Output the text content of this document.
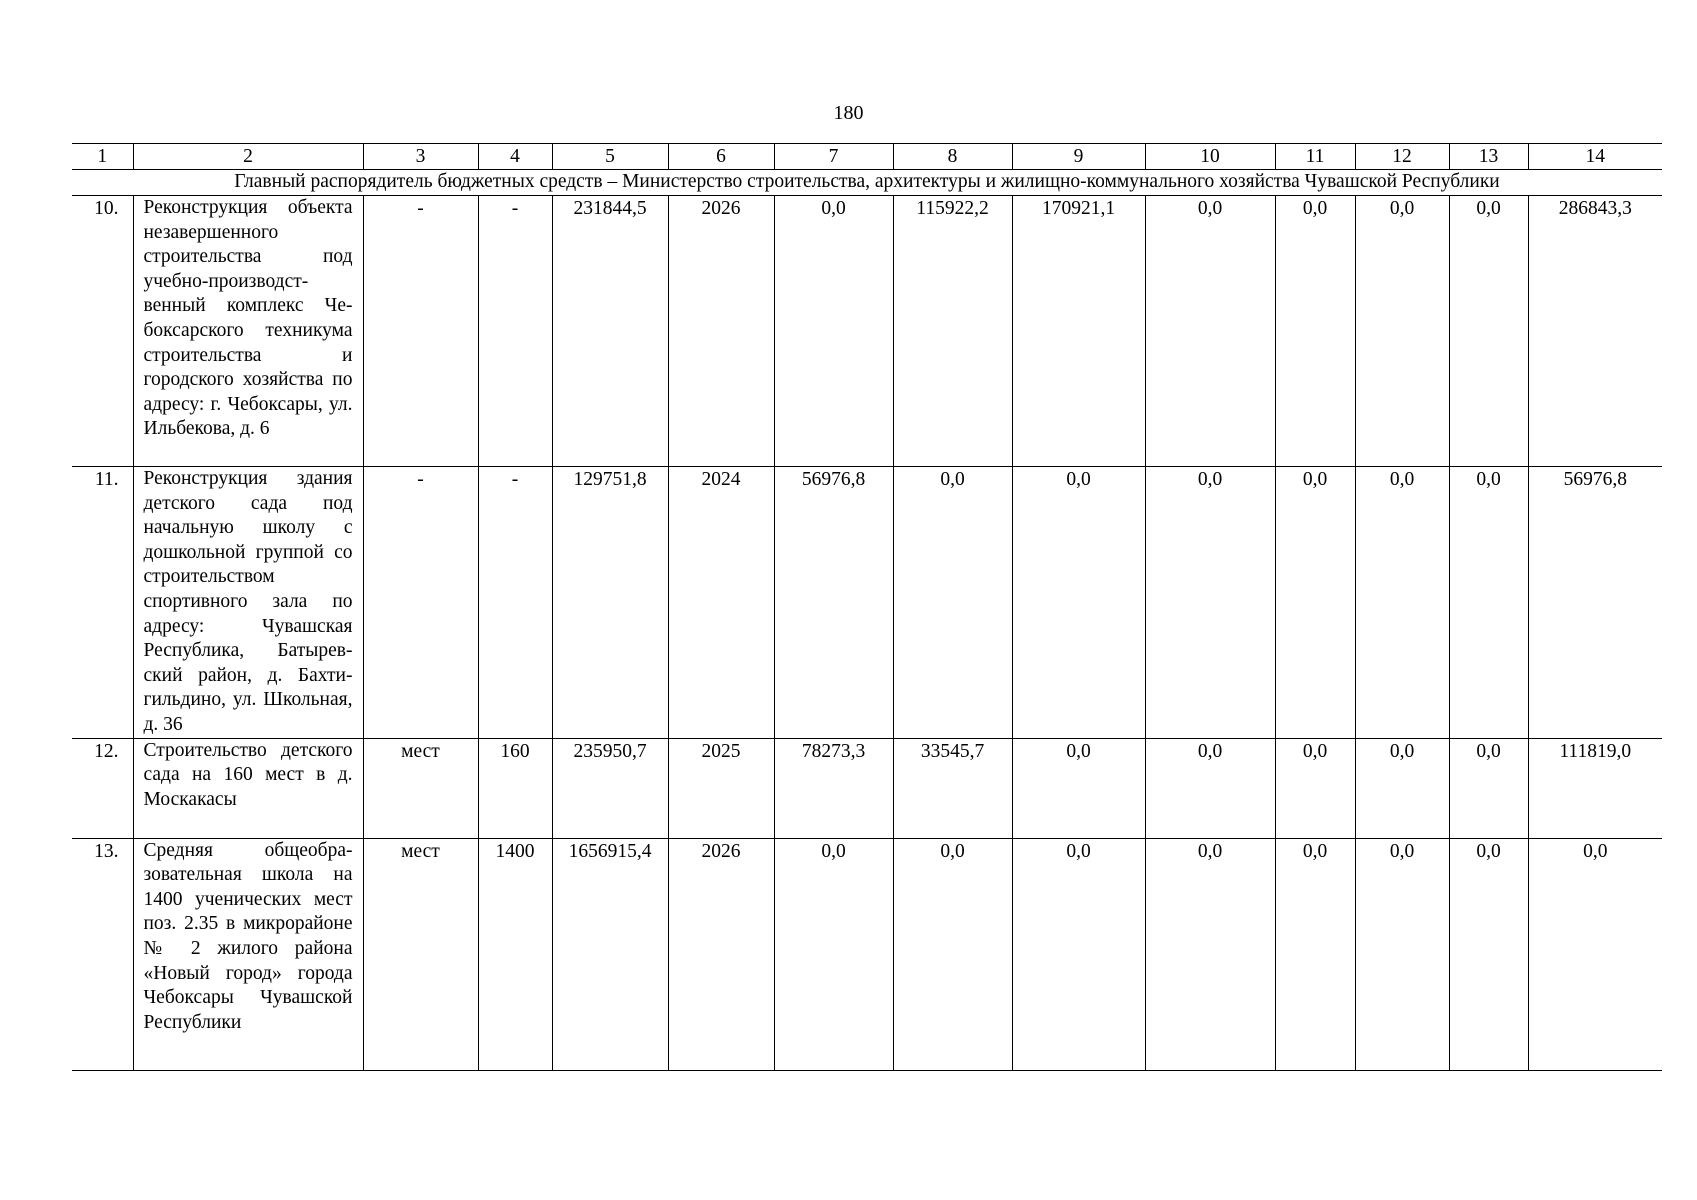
180
1	2	3	4	5	6	7	8	9	10	11	12	13	14
Главный распорядитель бюджетных средств – Министерство строительства, архитектуры и жилищно-коммунального хозяйства Чувашской Республики													
10.	Реконструкция объекта незавершенного строительства под учебно-производственный комплекс Чебоксарского техникума строительства и городского хозяйства по адресу: г. Чебоксары, ул. Ильбекова, д. 6	-	-	231844,5	2026	0,0	115922,2	170921,1	0,0	0,0	0,0	0,0	286843,3
11.	Реконструкция здания детского сада под начальную школу с дошкольной группой со строительством спортивного зала по адресу: Чувашская Республика, Батыревский район, д. Бахтигильдино, ул. Школьная, д. 36	-	-	129751,8	2024	56976,8	0,0	0,0	0,0	0,0	0,0	0,0	56976,8
12.	Строительство детского сада на 160 мест в д. Москакасы	мест	160	235950,7	2025	78273,3	33545,7	0,0	0,0	0,0	0,0	0,0	111819,0
13.	Средняя общеобразовательная школа на 1400 ученических мест поз. 2.35 в микрорайоне № 2 жилого района «Новый город» города Чебоксары Чувашской Республики	мест	1400	1656915,4	2026	0,0	0,0	0,0	0,0	0,0	0,0	0,0	0,0
